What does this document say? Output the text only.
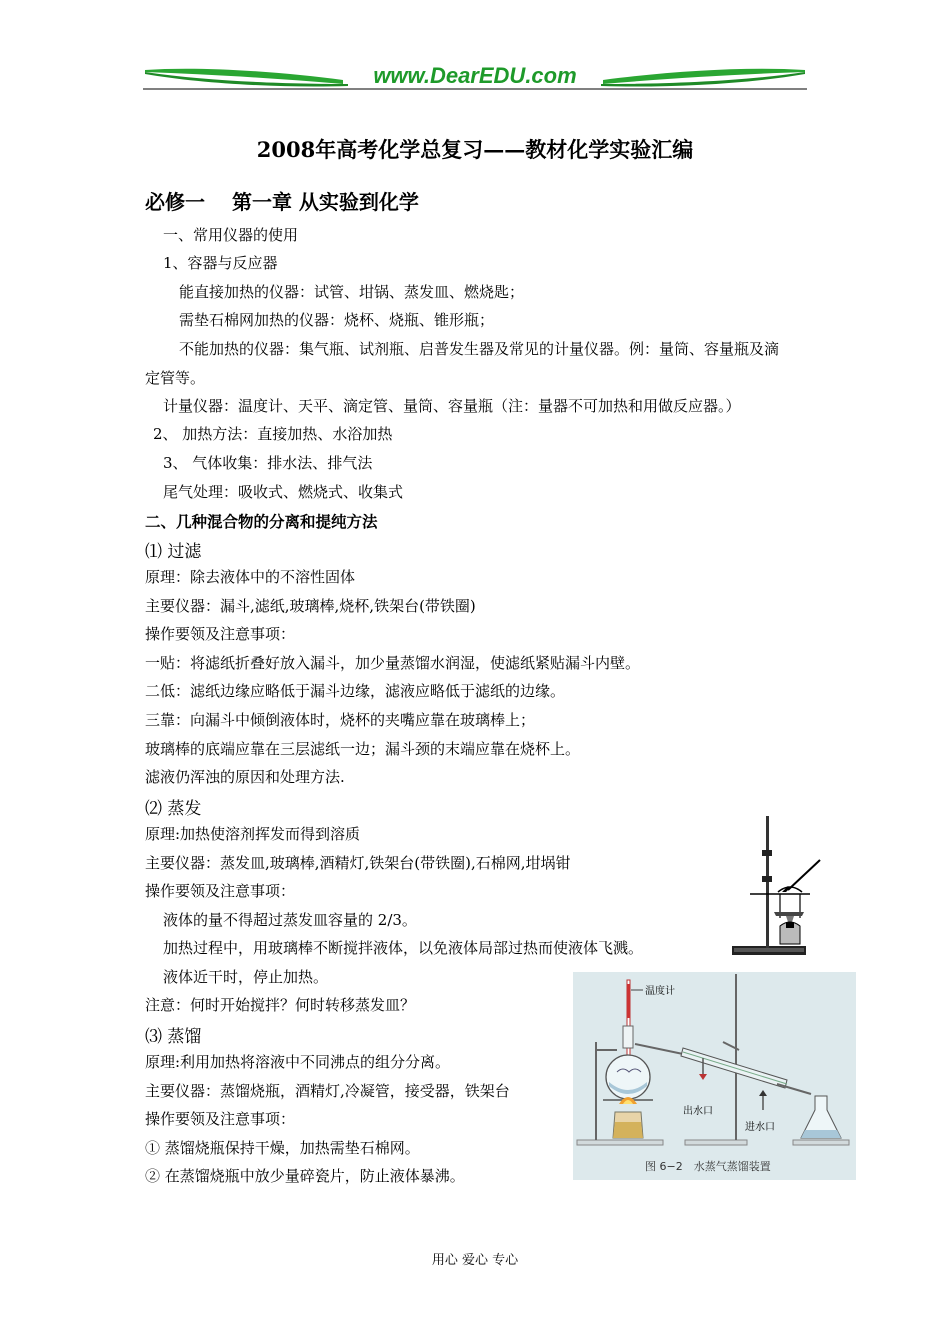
www.DearEDU.com
2008年高考化学总复习——教材化学实验汇编
必修一　 第一章 从实验到化学
一、常用仪器的使用
1、容器与反应器
能直接加热的仪器：试管、坩锅、蒸发皿、燃烧匙；
需垫石棉网加热的仪器：烧杯、烧瓶、锥形瓶；
不能加热的仪器：集气瓶、试剂瓶、启普发生器及常见的计量仪器。例：量筒、容量瓶及滴
定管等。
计量仪器：温度计、天平、滴定管、量筒、容量瓶（注：量器不可加热和用做反应器。）
2、 加热方法：直接加热、水浴加热
3、 气体收集：排水法、排气法
尾气处理：吸收式、燃烧式、收集式
二、几种混合物的分离和提纯方法
⑴ 过滤
原理：除去液体中的不溶性固体
主要仪器：漏斗,滤纸,玻璃棒,烧杯,铁架台(带铁圈)
操作要领及注意事项：
一贴：将滤纸折叠好放入漏斗，加少量蒸馏水润湿，使滤纸紧贴漏斗内壁。
二低：滤纸边缘应略低于漏斗边缘，滤液应略低于滤纸的边缘。
三靠：向漏斗中倾倒液体时，烧杯的夹嘴应靠在玻璃棒上；
玻璃棒的底端应靠在三层滤纸一边；漏斗颈的末端应靠在烧杯上。
滤液仍浑浊的原因和处理方法.
⑵ 蒸发
原理:加热使溶剂挥发而得到溶质
主要仪器：蒸发皿,玻璃棒,酒精灯,铁架台(带铁圈),石棉网,坩埚钳
操作要领及注意事项：
液体的量不得超过蒸发皿容量的 2/3。
加热过程中，用玻璃棒不断搅拌液体，以免液体局部过热而使液体飞溅。
液体近干时，停止加热。
注意：何时开始搅拌？何时转移蒸发皿？
⑶ 蒸馏
原理:利用加热将溶液中不同沸点的组分分离。
主要仪器：蒸馏烧瓶，酒精灯,冷凝管，接受器，铁架台
操作要领及注意事项：
① 蒸馏烧瓶保持干燥，加热需垫石棉网。
② 在蒸馏烧瓶中放少量碎瓷片，防止液体暴沸。
温度计
出水口
进水口
图 6−2　水蒸气蒸馏装置
用心 爱心 专心
